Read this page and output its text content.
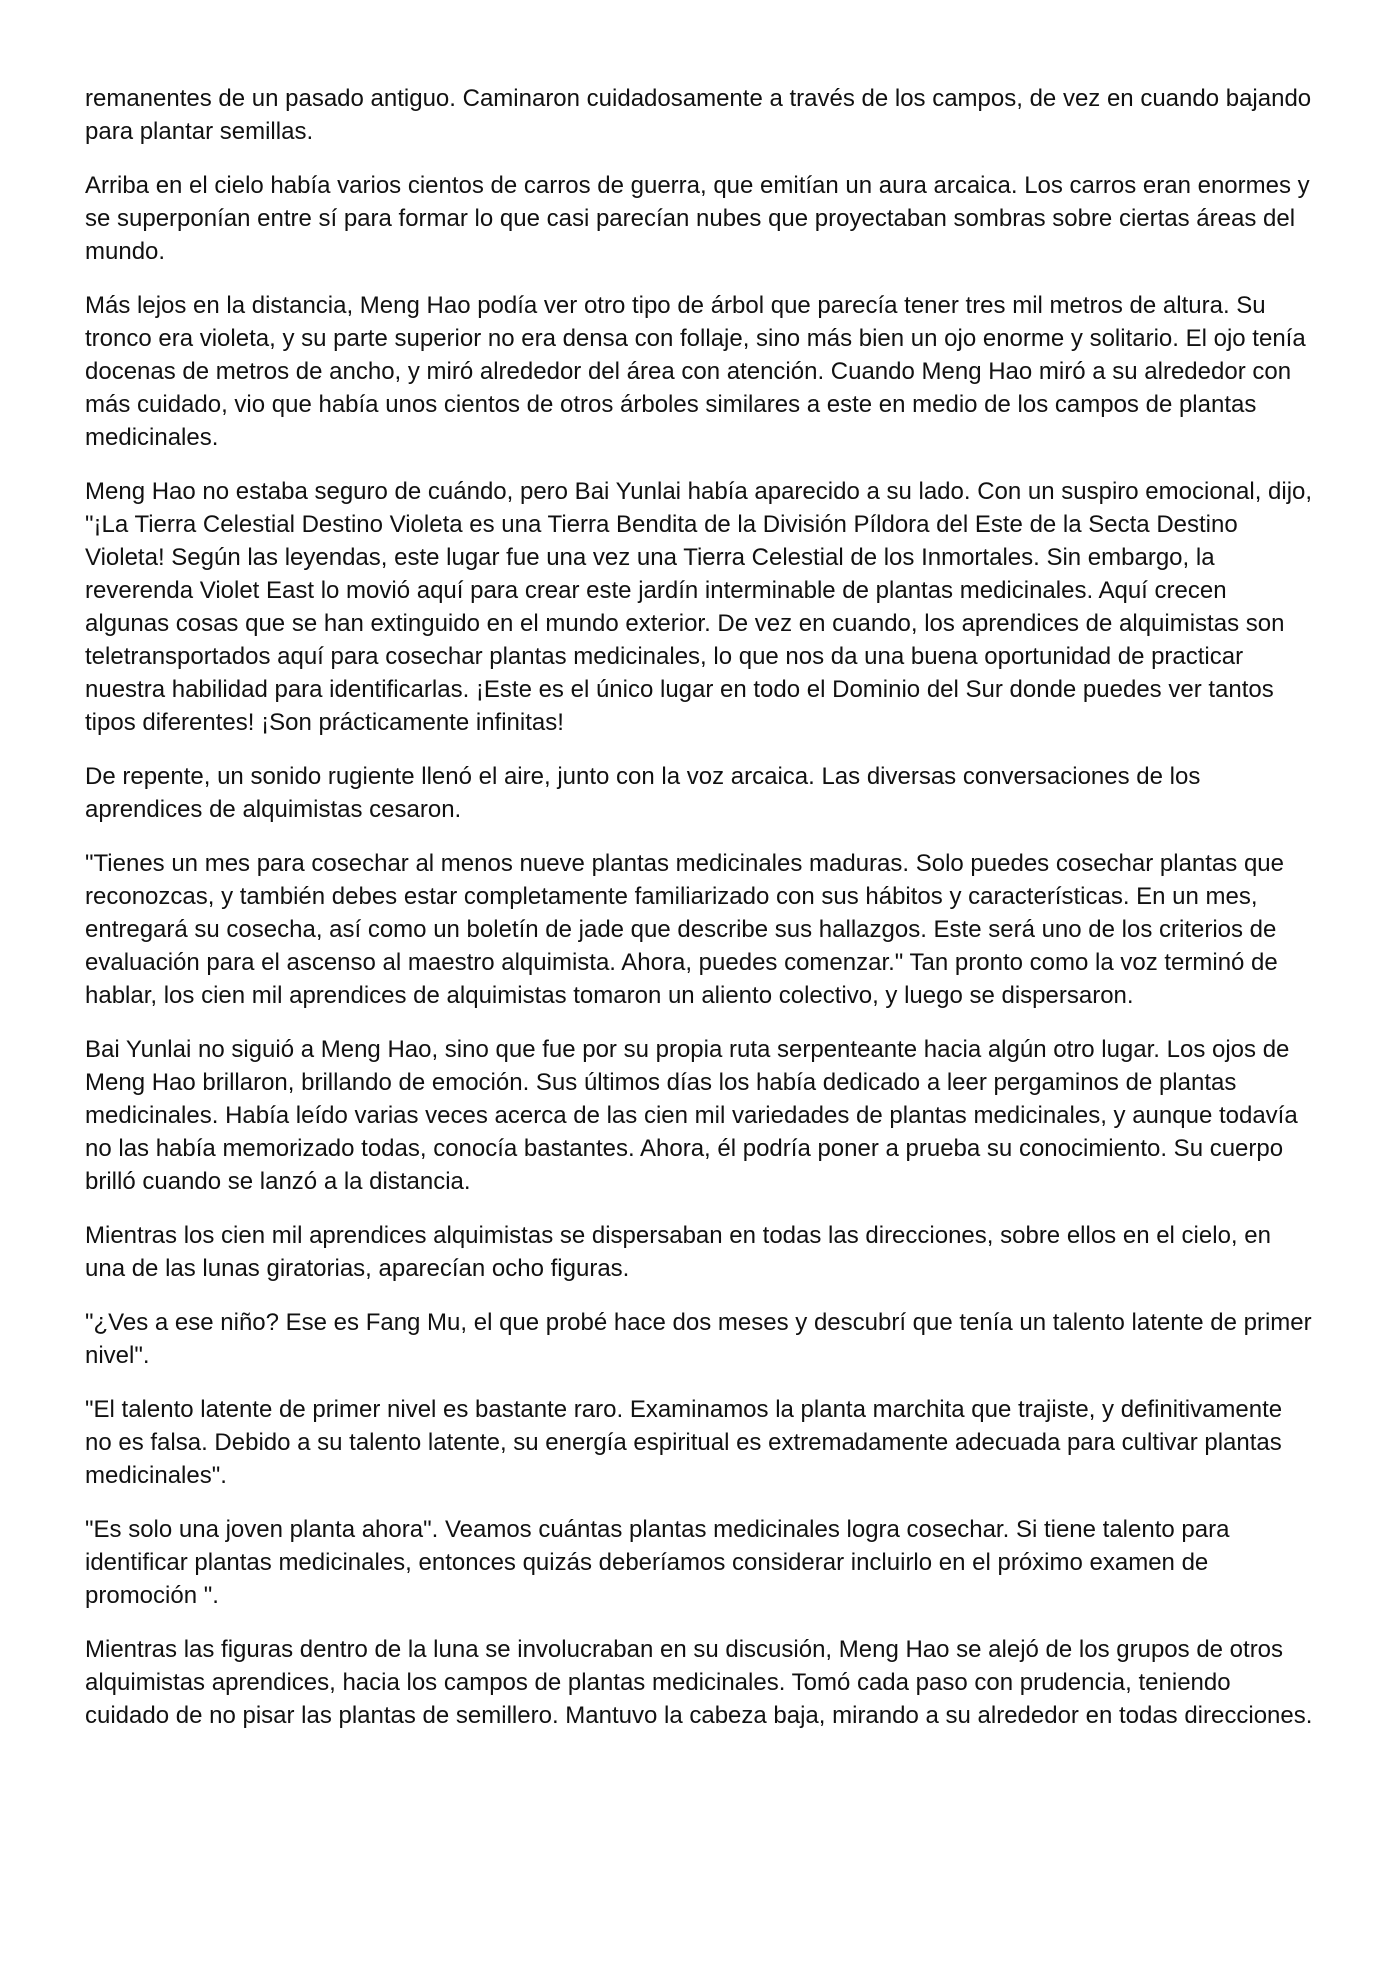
remanentes de un pasado antiguo. Caminaron cuidadosamente a través de los campos, de vez en cuando bajando para plantar semillas.

Arriba en el cielo había varios cientos de carros de guerra, que emitían un aura arcaica. Los carros eran enormes y se superponían entre sí para formar lo que casi parecían nubes que proyectaban sombras sobre ciertas áreas del mundo.

Más lejos en la distancia, Meng Hao podía ver otro tipo de árbol que parecía tener tres mil metros de altura. Su tronco era violeta, y su parte superior no era densa con follaje, sino más bien un ojo enorme y solitario. El ojo tenía docenas de metros de ancho, y miró alrededor del área con atención. Cuando Meng Hao miró a su alrededor con más cuidado, vio que había unos cientos de otros árboles similares a este en medio de los campos de plantas medicinales.

Meng Hao no estaba seguro de cuándo, pero Bai Yunlai había aparecido a su lado. Con un suspiro emocional, dijo, "¡La Tierra Celestial Destino Violeta es una Tierra Bendita de la División Píldora del Este de la Secta Destino Violeta! Según las leyendas, este lugar fue una vez una Tierra Celestial de los Inmortales. Sin embargo, la reverenda Violet East lo movió aquí para crear este jardín interminable de plantas medicinales. Aquí crecen algunas cosas que se han extinguido en el mundo exterior. De vez en cuando, los aprendices de alquimistas son teletransportados aquí para cosechar plantas medicinales, lo que nos da una buena oportunidad de practicar nuestra habilidad para identificarlas. ¡Este es el único lugar en todo el Dominio del Sur donde puedes ver tantos tipos diferentes! ¡Son prácticamente infinitas!

De repente, un sonido rugiente llenó el aire, junto con la voz arcaica. Las diversas conversaciones de los aprendices de alquimistas cesaron.

"Tienes un mes para cosechar al menos nueve plantas medicinales maduras. Solo puedes cosechar plantas que reconozcas, y también debes estar completamente familiarizado con sus hábitos y características. En un mes, entregará su cosecha, así como un boletín de jade que describe sus hallazgos. Este será uno de los criterios de evaluación para el ascenso al maestro alquimista. Ahora, puedes comenzar." Tan pronto como la voz terminó de hablar, los cien mil aprendices de alquimistas tomaron un aliento colectivo, y luego se dispersaron.

Bai Yunlai no siguió a Meng Hao, sino que fue por su propia ruta serpenteante hacia algún otro lugar. Los ojos de Meng Hao brillaron, brillando de emoción. Sus últimos días los había dedicado a leer pergaminos de plantas medicinales. Había leído varias veces acerca de las cien mil variedades de plantas medicinales, y aunque todavía no las había memorizado todas, conocía bastantes. Ahora, él podría poner a prueba su conocimiento. Su cuerpo brilló cuando se lanzó a la distancia.

Mientras los cien mil aprendices alquimistas se dispersaban en todas las direcciones, sobre ellos en el cielo, en una de las lunas giratorias, aparecían ocho figuras.

"¿Ves a ese niño? Ese es Fang Mu, el que probé hace dos meses y descubrí que tenía un talento latente de primer nivel".

"El talento latente de primer nivel es bastante raro. Examinamos la planta marchita que trajiste, y definitivamente no es falsa. Debido a su talento latente, su energía espiritual es extremadamente adecuada para cultivar plantas medicinales".

"Es solo una joven planta ahora". Veamos cuántas plantas medicinales logra cosechar. Si tiene talento para identificar plantas medicinales, entonces quizás deberíamos considerar incluirlo en el próximo examen de promoción ".

Mientras las figuras dentro de la luna se involucraban en su discusión, Meng Hao se alejó de los grupos de otros alquimistas aprendices, hacia los campos de plantas medicinales. Tomó cada paso con prudencia, teniendo cuidado de no pisar las plantas de semillero. Mantuvo la cabeza baja, mirando a su alrededor en todas direcciones.
